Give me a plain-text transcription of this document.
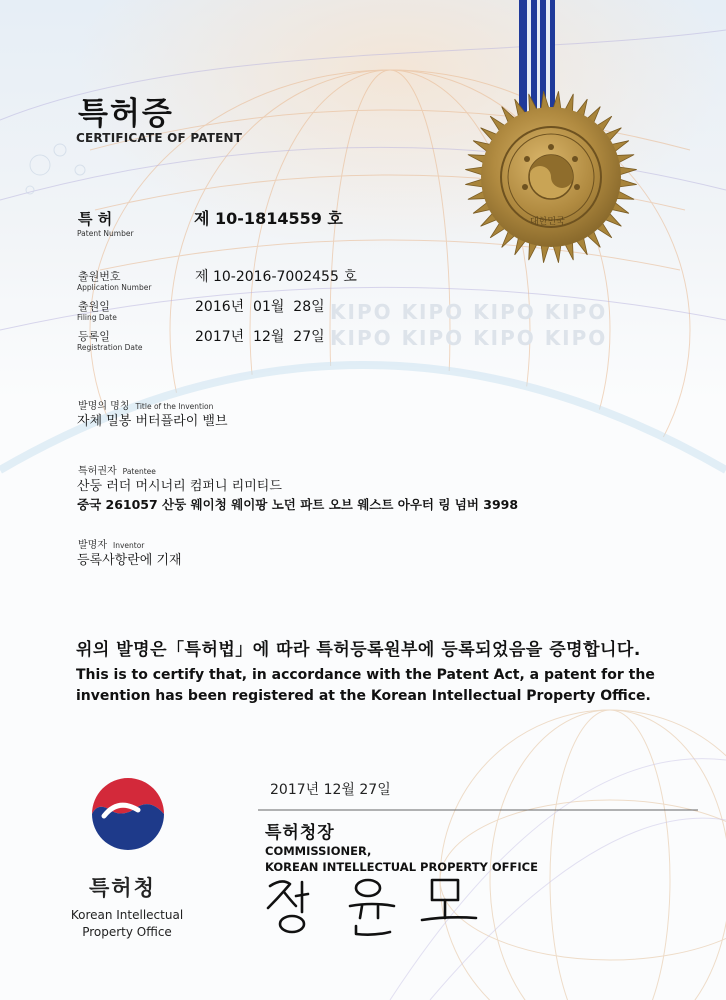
KIPO KIPO KIPO KIPO
KIPO KIPO KIPO KIPO
대한민국
특허증
CERTIFICATE OF PATENT
특 허
Patent Number
제 10-1814559 호
출원번호
Application Number
제 10-2016-7002455 호
출원일
Filing Date
2016년  01월  28일
등록일
Registration Date
2017년  12월  27일
발명의 명칭 Title of the Invention
자체 밀봉 버터플라이 밸브
특허권자 Patentee
산둥 러더 머시너리 컴퍼니 리미티드
중국 261057 산둥 웨이청 웨이팡 노던 파트 오브 웨스트 아우터 링 넘버 3998
발명자 Inventor
등록사항란에 기재
위의 발명은「특허법」에 따라 특허등록원부에 등록되었음을 증명합니다.
This is to certify that, in accordance with the Patent Act, a patent for the invention has been registered at the Korean Intellectual Property Office.
2017년 12월 27일
특허청장
COMMISSIONER,
KOREAN INTELLECTUAL PROPERTY OFFICE
특허청
Korean Intellectual Property Office
